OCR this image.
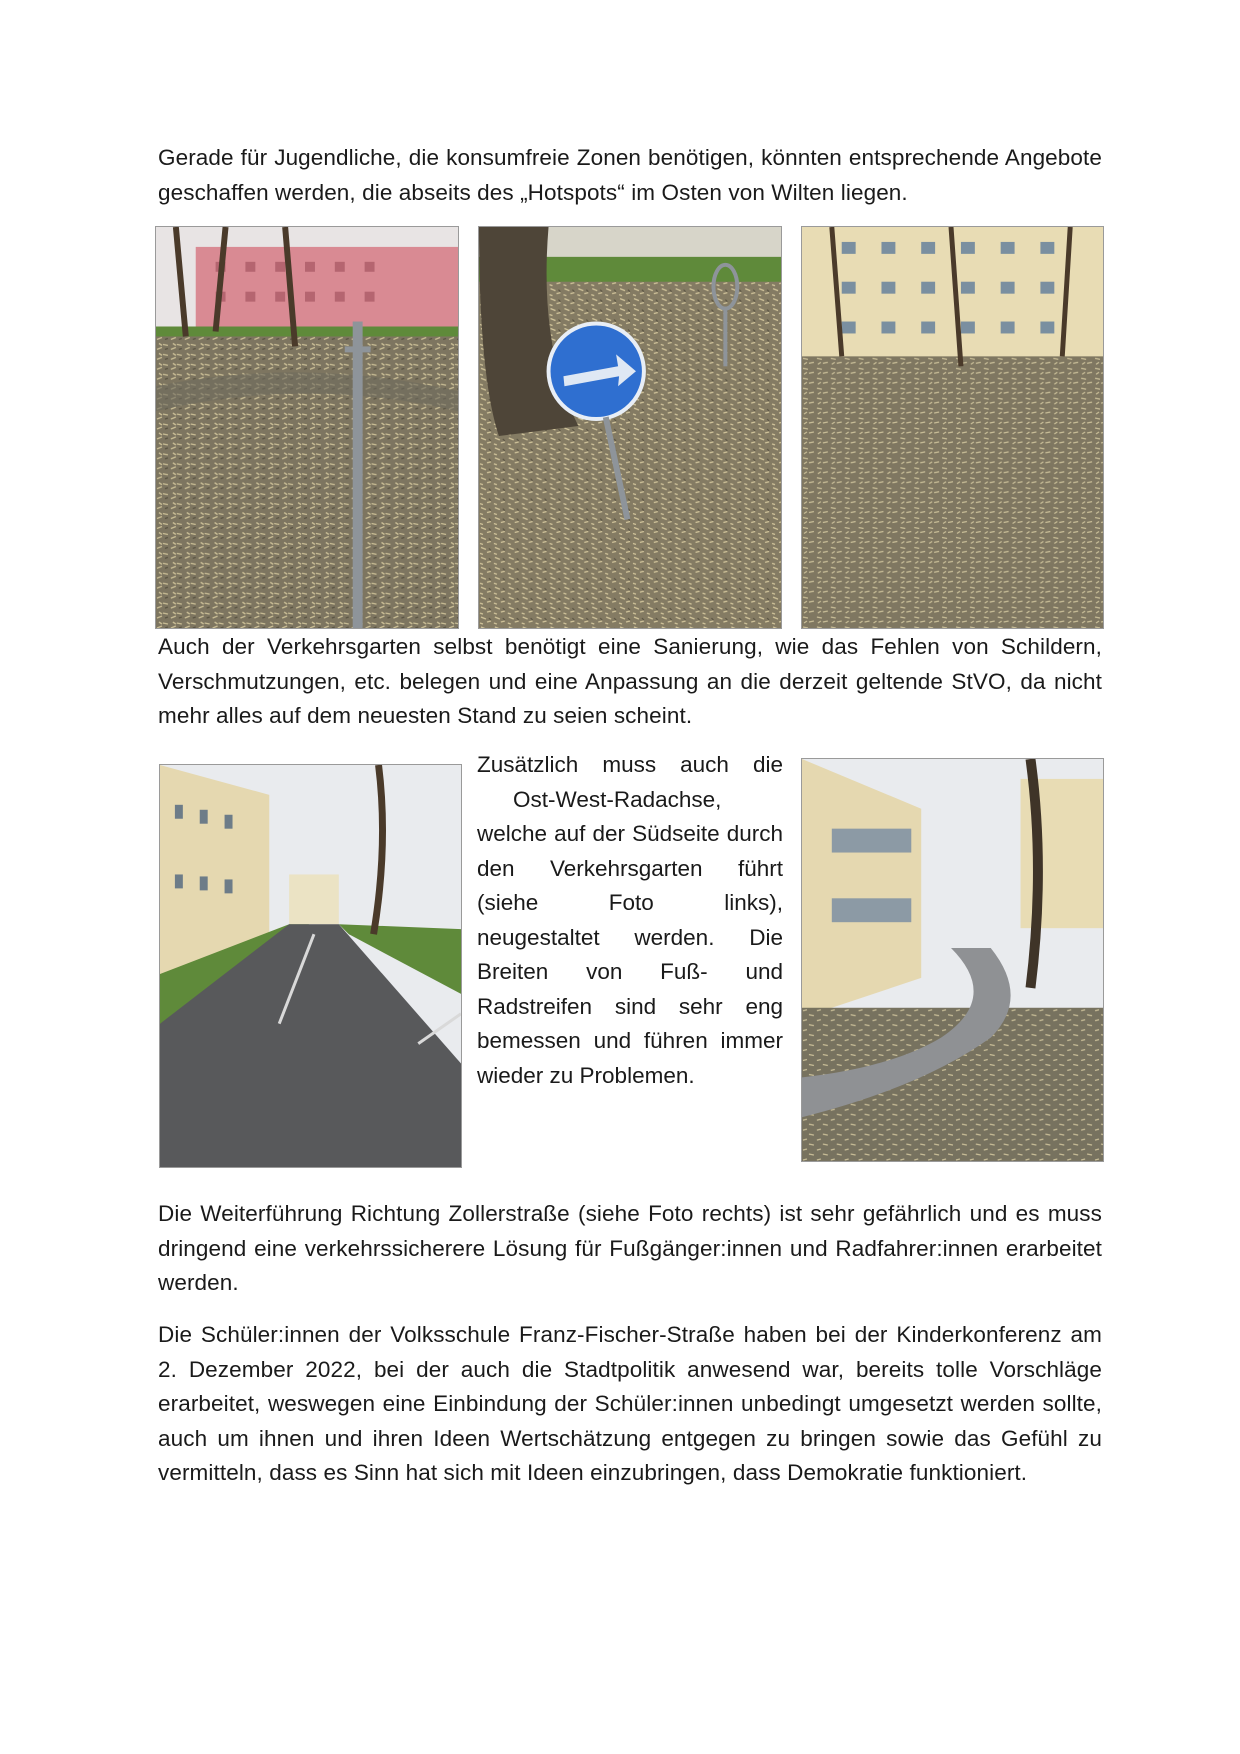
Gerade für Jugendliche, die konsumfreie Zonen benötigen, könnten entsprechende Angebote geschaffen werden, die abseits des „Hotspots“ im Osten von Wilten liegen.

Auch der Verkehrsgarten selbst benötigt eine Sanierung, wie das Fehlen von Schildern, Verschmutzungen, etc. belegen und eine Anpassung an die derzeit geltende StVO, da nicht mehr alles auf dem neuesten Stand zu seien scheint.

Zusätzlich muss auch die
Ost-West-Radachse, welche auf der Südseite durch den Verkehrsgarten führt (siehe Foto links), neugestaltet werden. Die Breiten von Fuß- und Radstreifen sind sehr eng bemessen und führen immer wieder zu Problemen.

Die Weiterführung Richtung Zollerstraße (siehe Foto rechts) ist sehr gefährlich und es muss dringend eine verkehrssicherere Lösung für Fußgänger:innen und Radfahrer:innen erarbeitet werden.

Die Schüler:innen der Volksschule Franz-Fischer-Straße haben bei der Kinderkonferenz am 2. Dezember 2022, bei der auch die Stadtpolitik anwesend war, bereits tolle Vorschläge erarbeitet, weswegen eine Einbindung der Schüler:innen unbedingt umgesetzt werden sollte, auch um ihnen und ihren Ideen Wertschätzung entgegen zu bringen sowie das Gefühl zu vermitteln, dass es Sinn hat sich mit Ideen einzubringen, dass Demokratie funktioniert.
